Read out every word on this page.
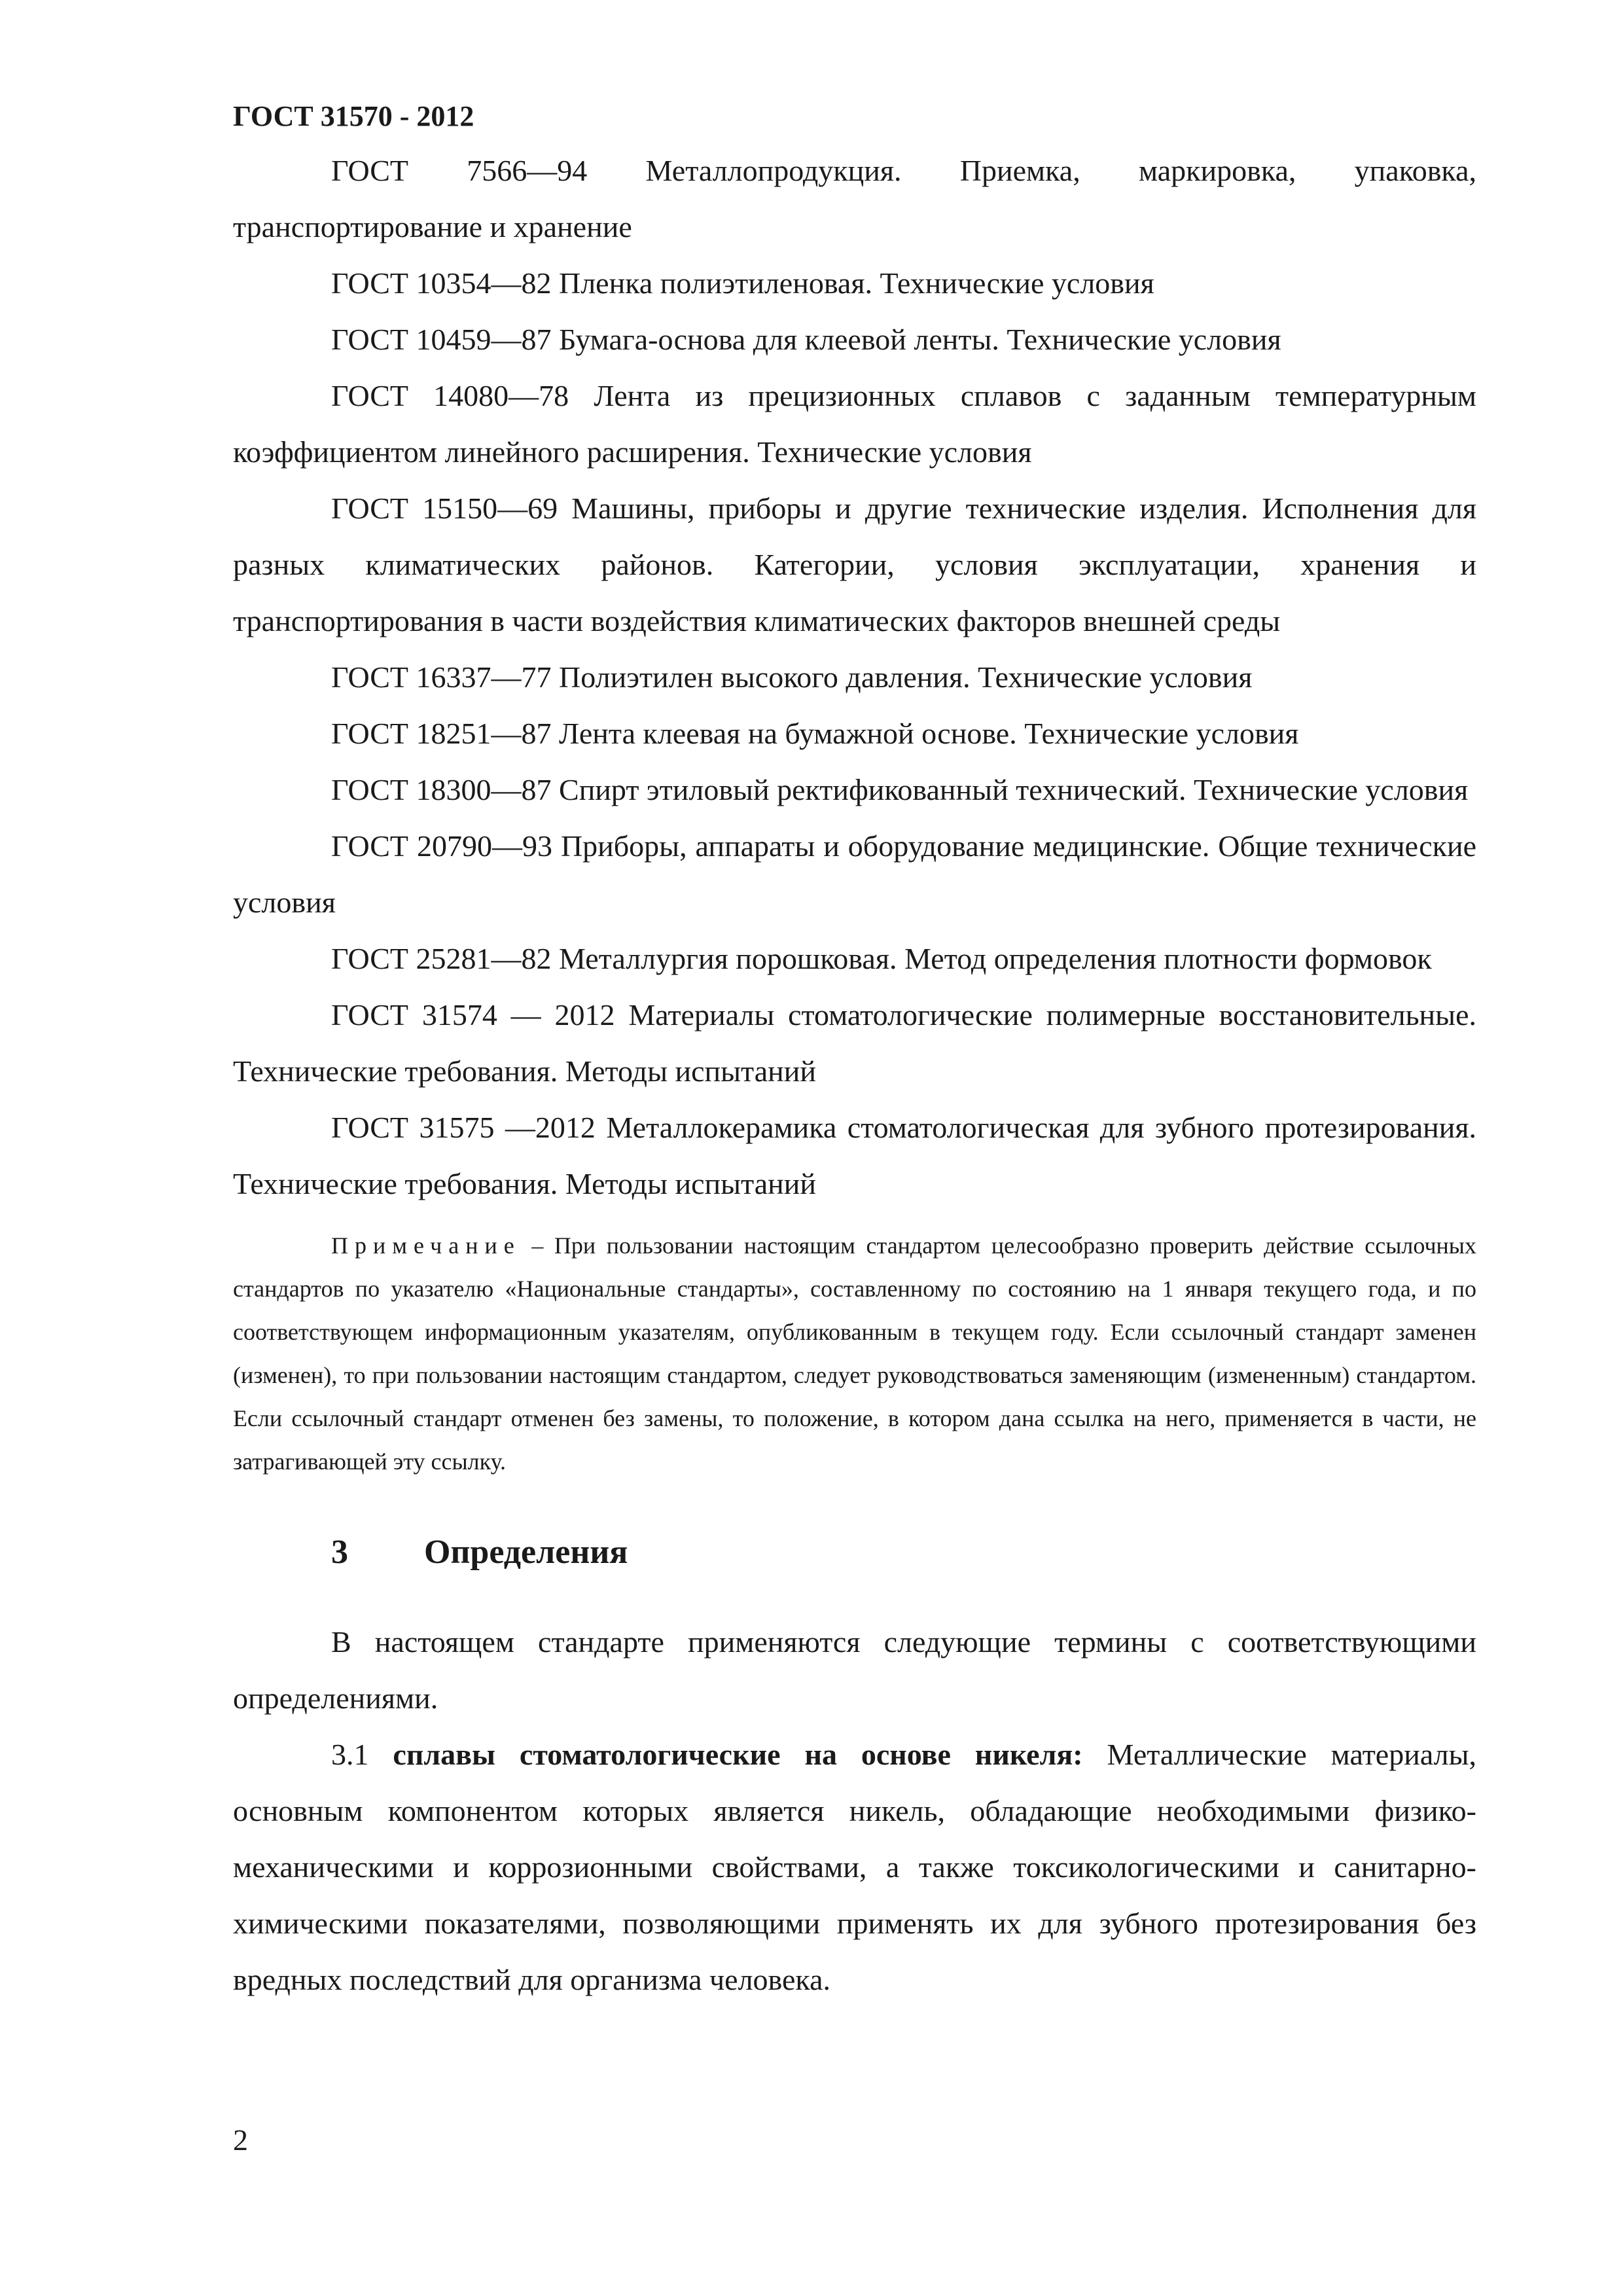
ГОСТ 31570 - 2012

ГОСТ 7566—94 Металлопродукция. Приемка, маркировка, упаковка, транспортирование и хранение

ГОСТ 10354—82 Пленка полиэтиленовая. Технические условия

ГОСТ 10459—87 Бумага-основа для клеевой ленты. Технические условия

ГОСТ 14080—78 Лента из прецизионных сплавов с заданным температурным коэффициентом линейного расширения. Технические условия

ГОСТ 15150—69 Машины, приборы и другие технические изделия. Исполнения для разных климатических районов. Категории, условия эксплуатации, хранения и транспортирования в части воздействия климатических факторов внешней среды

ГОСТ 16337—77 Полиэтилен высокого давления. Технические условия

ГОСТ 18251—87 Лента клеевая на бумажной основе. Технические условия

ГОСТ 18300—87 Спирт этиловый ректификованный технический. Технические условия

ГОСТ 20790—93 Приборы, аппараты и оборудование медицинские. Общие технические условия

ГОСТ 25281—82 Металлургия порошковая. Метод определения плотности формовок

ГОСТ 31574 — 2012 Материалы стоматологические полимерные восстановительные. Технические требования. Методы испытаний

ГОСТ 31575 —2012 Металлокерамика стоматологическая для зубного протезирования. Технические требования. Методы испытаний

Примечание – При пользовании настоящим стандартом целесообразно проверить действие ссылочных стандартов по указателю «Национальные стандарты», составленному по состоянию на 1 января текущего года, и по соответствующем информационным указателям, опубликованным в текущем году. Если ссылочный стандарт заменен (изменен), то при пользовании настоящим стандартом, следует руководствоваться заменяющим (измененным) стандартом. Если ссылочный стандарт отменен без замены, то положение, в котором дана ссылка на него, применяется в части, не затрагивающей эту ссылку.

3	Определения

В настоящем стандарте применяются следующие термины с соответствующими определениями.

3.1 сплавы стоматологические на основе никеля: Металлические материалы, основным компонентом которых является никель, обладающие необходимыми физико-механическими и коррозионными свойствами, а также токсикологическими и санитарно-химическими показателями, позволяющими применять их для зубного протезирования без вредных последствий для организма человека.

2
